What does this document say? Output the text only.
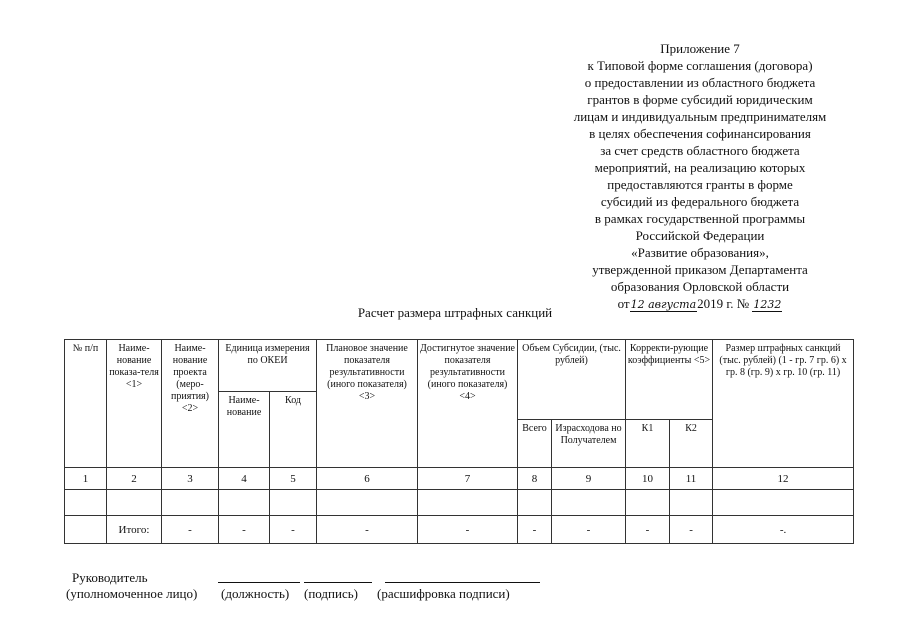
Приложение 7
к Типовой форме соглашения (договора)
о предоставлении из областного бюджета
грантов в форме субсидий юридическим
лицам и индивидуальным предпринимателям
в целях обеспечения софинансирования
за счет средств областного бюджета
мероприятий, на реализацию которых
предоставляются гранты в форме
субсидий из федерального бюджета
в рамках государственной программы
Российской Федерации
«Развитие образования»,
утвержденной приказом Департамента
образования Орловской области
от12 августа2019 г. № 1232
Расчет размера штрафных санкций
№ п/п	Наиме-нование показа-теля <1>	Наиме-нование проекта (меро-приятия) <2>	Единица измерения по ОКЕИ		Плановое значение показателя результативности (иного показателя) <3>	Достигнутое значение показателя результативности (иного показателя) <4>	Объем Субсидии, (тыс. рублей)		Корректи-рующие коэффициенты <5>		Размер штрафных санкций (тыс. рублей) (1 - гр. 7 гр. 6) х гр. 8 (гр. 9) х гр. 10 (гр. 11)
			Наиме-нование	Код							
							Всего	Израсходова но Получателем	К1	К2	
1	2	3	4	5	6	7	8	9	10	11	12

	Итого:	-	-	-	-	-	-	-	-	-	-.
Руководитель
(уполномоченное лицо) (должность) (подпись) (расшифровка подписи)
